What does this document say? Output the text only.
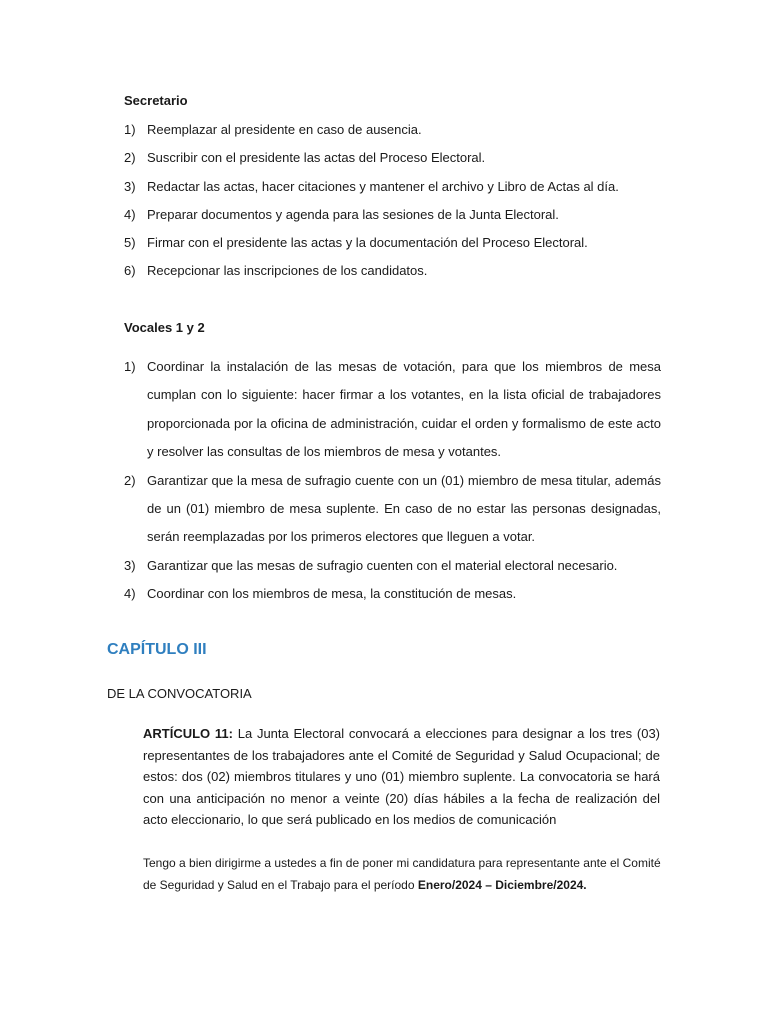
Secretario
1) Reemplazar al presidente en caso de ausencia.
2) Suscribir con el presidente las actas del Proceso Electoral.
3) Redactar las actas, hacer citaciones y mantener el archivo y Libro de Actas al día.
4) Preparar documentos y agenda para las sesiones de la Junta Electoral.
5) Firmar con el presidente las actas y la documentación del Proceso Electoral.
6) Recepcionar las inscripciones de los candidatos.
Vocales 1 y 2
1) Coordinar la instalación de las mesas de votación, para que los miembros de mesa cumplan con lo siguiente: hacer firmar a los votantes, en la lista oficial de trabajadores proporcionada por la oficina de administración, cuidar el orden y formalismo de este acto y resolver las consultas de los miembros de mesa y votantes.
2) Garantizar que la mesa de sufragio cuente con un (01) miembro de mesa titular, además de un (01) miembro de mesa suplente. En caso de no estar las personas designadas, serán reemplazadas por los primeros electores que lleguen a votar.
3) Garantizar que las mesas de sufragio cuenten con el material electoral necesario.
4) Coordinar con los miembros de mesa, la constitución de mesas.
CAPÍTULO III
DE LA CONVOCATORIA
ARTÍCULO 11: La Junta Electoral convocará a elecciones para designar a los tres (03) representantes de los trabajadores ante el Comité de Seguridad y Salud Ocupacional; de estos: dos (02) miembros titulares y uno (01) miembro suplente. La convocatoria se hará con una anticipación no menor a veinte (20) días hábiles a la fecha de realización del acto eleccionario, lo que será publicado en los medios de comunicación
Tengo a bien dirigirme a ustedes a fin de poner mi candidatura para representante ante el Comité de Seguridad y Salud en el Trabajo para el período Enero/2024 – Diciembre/2024.
